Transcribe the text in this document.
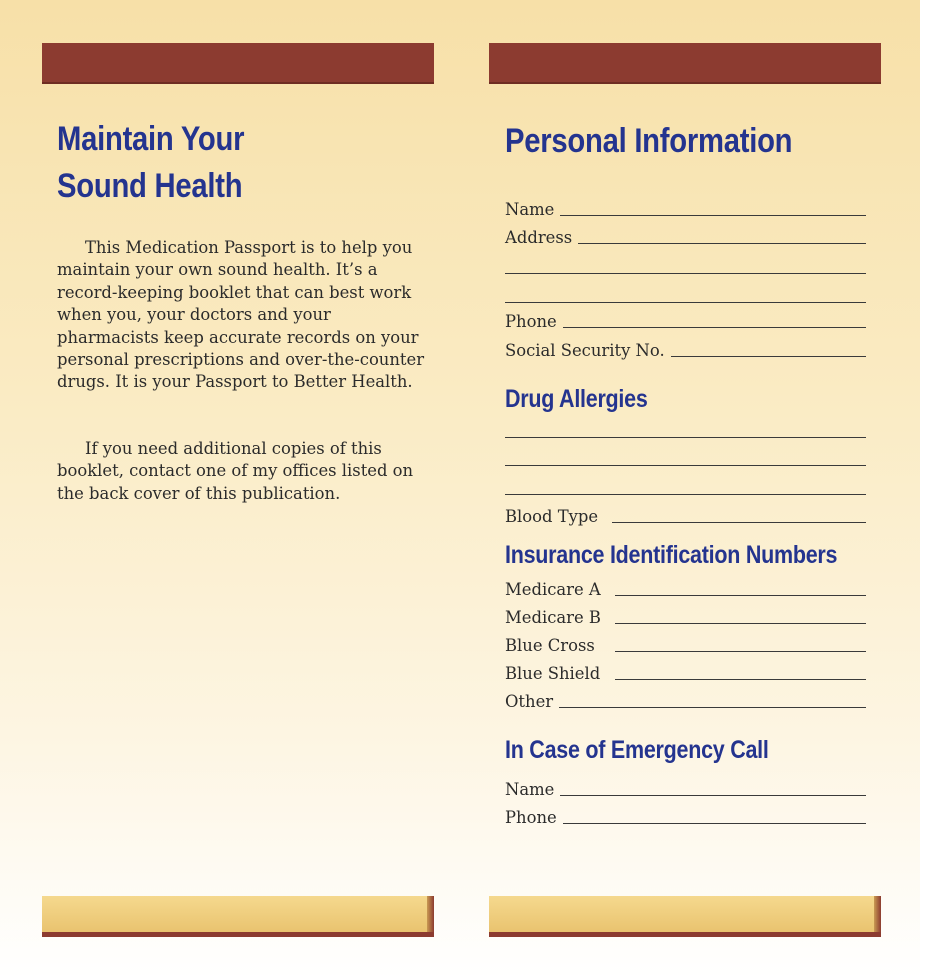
Maintain Your
Sound Health

This Medication Passport is to help you maintain your own sound health. It’s a record-keeping booklet that can best work when you, your doctors and your pharmacists keep accurate records on your personal prescriptions and over-the-counter drugs. It is your Passport to Better Health.

If you need additional copies of this booklet, contact one of my offices listed on the back cover of this publication.

Personal Information
Name
Address
Phone
Social Security No.
Drug Allergies
Blood Type
Insurance Identification Numbers
Medicare A
Medicare B
Blue Cross
Blue Shield
Other
In Case of Emergency Call
Name
Phone
